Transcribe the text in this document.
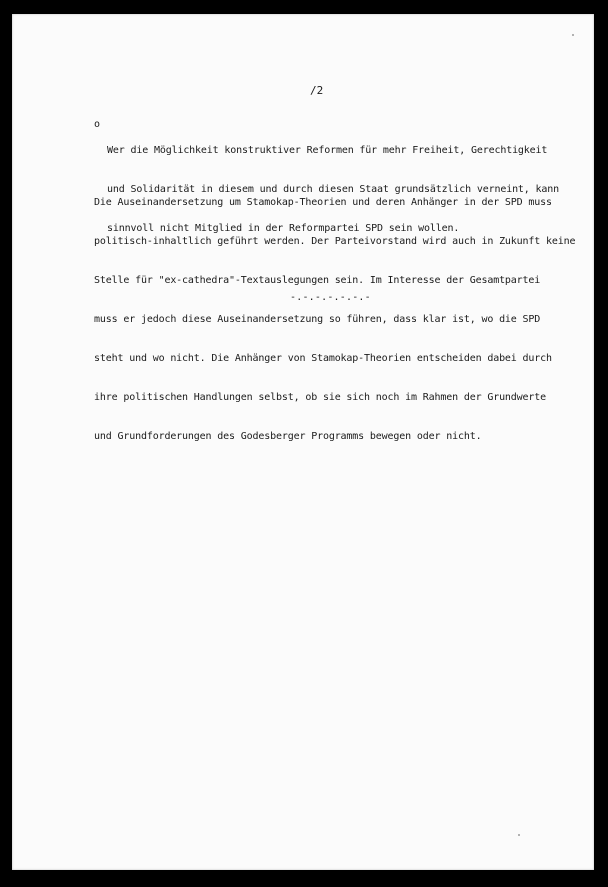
/2
o

Wer die Möglichkeit konstruktiver Reformen für mehr Freiheit, Gerechtigkeit

und Solidarität in diesem und durch diesen Staat grundsätzlich verneint, kann

sinnvoll nicht Mitglied in der Reformpartei SPD sein wollen.

Die Auseinandersetzung um Stamokap-Theorien und deren Anhänger in der SPD muss

politisch-inhaltlich geführt werden. Der Parteivorstand wird auch in Zukunft keine

Stelle für "ex-cathedra"-Textauslegungen sein. Im Interesse der Gesamtpartei

muss er jedoch diese Auseinandersetzung so führen, dass klar ist, wo die SPD

steht und wo nicht. Die Anhänger von Stamokap-Theorien entscheiden dabei durch

ihre politischen Handlungen selbst, ob sie sich noch im Rahmen der Grundwerte

und Grundforderungen des Godesberger Programms bewegen oder nicht.

-.-.-.-.-.-.-
